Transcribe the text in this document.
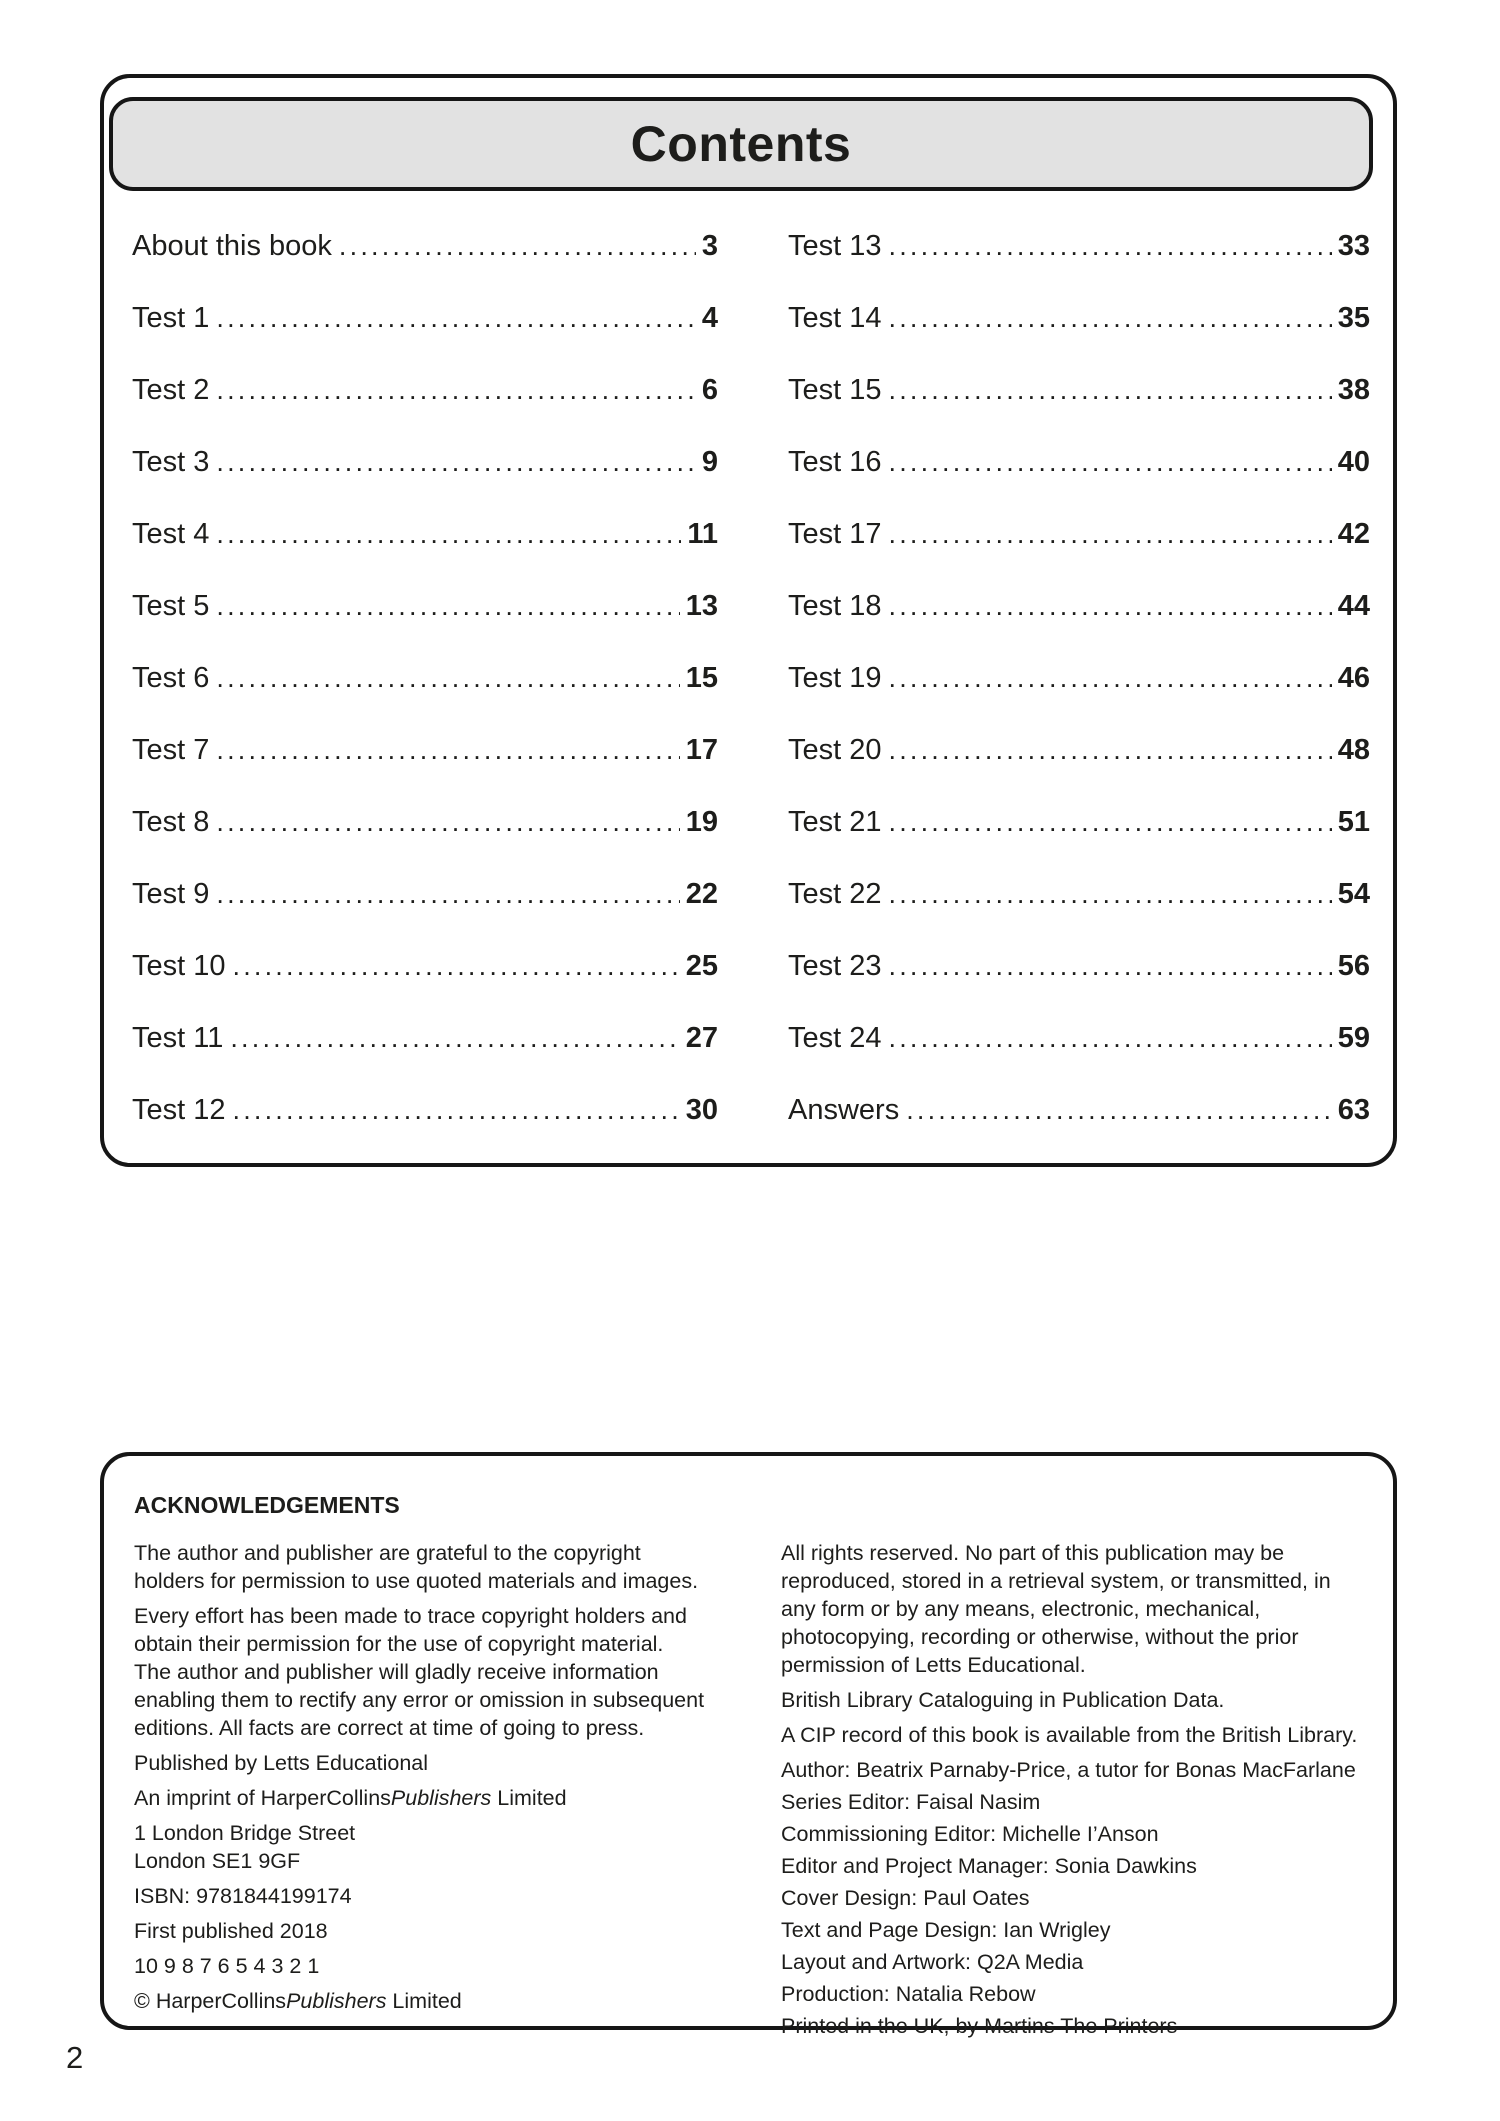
Contents
About this book .....	3
Test 1 .....	4
Test 2 .....	6
Test 3 .....	9
Test 4 .....	11
Test 5 .....	13
Test 6 .....	15
Test 7 .....	17
Test 8 .....	19
Test 9 .....	22
Test 10 .....	25
Test 11 .....	27
Test 12 .....	30
Test 13 .....	33
Test 14 .....	35
Test 15 .....	38
Test 16 .....	40
Test 17 .....	42
Test 18 .....	44
Test 19 .....	46
Test 20 .....	48
Test 21 .....	51
Test 22 .....	54
Test 23 .....	56
Test 24 .....	59
Answers .....	63
ACKNOWLEDGEMENTS

The author and publisher are grateful to the copyright holders for permission to use quoted materials and images.

Every effort has been made to trace copyright holders and obtain their permission for the use of copyright material. The author and publisher will gladly receive information enabling them to rectify any error or omission in subsequent editions. All facts are correct at time of going to press.

Published by Letts Educational

An imprint of HarperCollinsPublishers Limited

1 London Bridge Street
London SE1 9GF

ISBN: 9781844199174

First published 2018

10 9 8 7 6 5 4 3 2 1

© HarperCollinsPublishers Limited

All rights reserved. No part of this publication may be reproduced, stored in a retrieval system, or transmitted, in any form or by any means, electronic, mechanical, photocopying, recording or otherwise, without the prior permission of Letts Educational.

British Library Cataloguing in Publication Data.

A CIP record of this book is available from the British Library.

Author: Beatrix Parnaby-Price, a tutor for Bonas MacFarlane

Series Editor: Faisal Nasim

Commissioning Editor: Michelle I’Anson

Editor and Project Manager: Sonia Dawkins

Cover Design: Paul Oates

Text and Page Design: Ian Wrigley

Layout and Artwork: Q2A Media

Production: Natalia Rebow

Printed in the UK, by Martins The Printers

2
